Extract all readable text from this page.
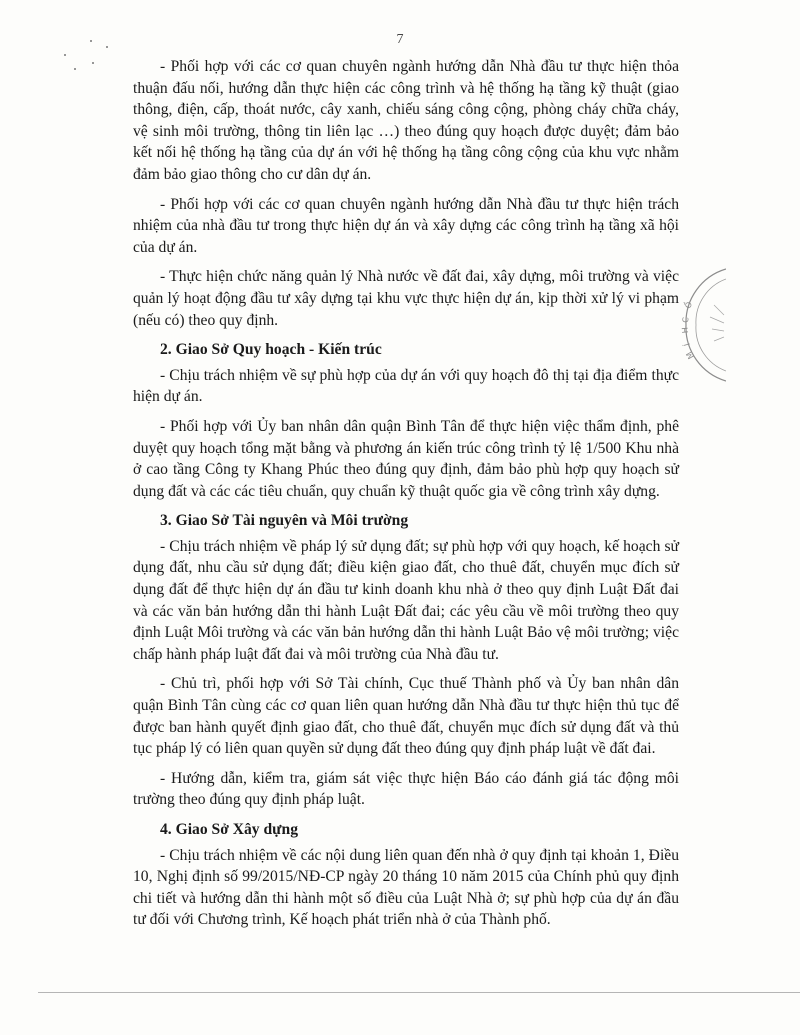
7
Ồ
C
H
Í
M

- Phối hợp với các cơ quan chuyên ngành hướng dẫn Nhà đầu tư thực hiện thỏa thuận đấu nối, hướng dẫn thực hiện các công trình và hệ thống hạ tầng kỹ thuật (giao thông, điện, cấp, thoát nước, cây xanh, chiếu sáng công cộng, phòng cháy chữa cháy, vệ sinh môi trường, thông tin liên lạc …) theo đúng quy hoạch được duyệt; đảm bảo kết nối hệ thống hạ tầng của dự án với hệ thống hạ tầng công cộng của khu vực nhằm đảm bảo giao thông cho cư dân dự án.

- Phối hợp với các cơ quan chuyên ngành hướng dẫn Nhà đầu tư thực hiện trách nhiệm của nhà đầu tư trong thực hiện dự án và xây dựng các công trình hạ tầng xã hội của dự án.

- Thực hiện chức năng quản lý Nhà nước về đất đai, xây dựng, môi trường và việc quản lý hoạt động đầu tư xây dựng tại khu vực thực hiện dự án, kịp thời xử lý vi phạm (nếu có) theo quy định.

2. Giao Sở Quy hoạch - Kiến trúc

- Chịu trách nhiệm về sự phù hợp của dự án với quy hoạch đô thị tại địa điểm thực hiện dự án.

- Phối hợp với Ủy ban nhân dân quận Bình Tân để thực hiện việc thẩm định, phê duyệt quy hoạch tổng mặt bằng và phương án kiến trúc công trình tỷ lệ 1/500 Khu nhà ở cao tầng Công ty Khang Phúc theo đúng quy định, đảm bảo phù hợp quy hoạch sử dụng đất và các các tiêu chuẩn, quy chuẩn kỹ thuật quốc gia về công trình xây dựng.

3. Giao Sở Tài nguyên và Môi trường

- Chịu trách nhiệm về pháp lý sử dụng đất; sự phù hợp với quy hoạch, kế hoạch sử dụng đất, nhu cầu sử dụng đất; điều kiện giao đất, cho thuê đất, chuyển mục đích sử dụng đất để thực hiện dự án đầu tư kinh doanh khu nhà ở theo quy định Luật Đất đai và các văn bản hướng dẫn thi hành Luật Đất đai; các yêu cầu về môi trường theo quy định Luật Môi trường và các văn bản hướng dẫn thi hành Luật Bảo vệ môi trường; việc chấp hành pháp luật đất đai và môi trường của Nhà đầu tư.

- Chủ trì, phối hợp với Sở Tài chính, Cục thuế Thành phố và Ủy ban nhân dân quận Bình Tân cùng các cơ quan liên quan hướng dẫn Nhà đầu tư thực hiện thủ tục để được ban hành quyết định giao đất, cho thuê đất, chuyển mục đích sử dụng đất và thủ tục pháp lý có liên quan quyền sử dụng đất theo đúng quy định pháp luật về đất đai.

- Hướng dẫn, kiểm tra, giám sát việc thực hiện Báo cáo đánh giá tác động môi trường theo đúng quy định pháp luật.

4. Giao Sở Xây dựng

- Chịu trách nhiệm về các nội dung liên quan đến nhà ở quy định tại khoản 1, Điều 10, Nghị định số 99/2015/NĐ-CP ngày 20 tháng 10 năm 2015 của Chính phủ quy định chi tiết và hướng dẫn thi hành một số điều của Luật Nhà ở; sự phù hợp của dự án đầu tư đối với Chương trình, Kế hoạch phát triển nhà ở của Thành phố.
